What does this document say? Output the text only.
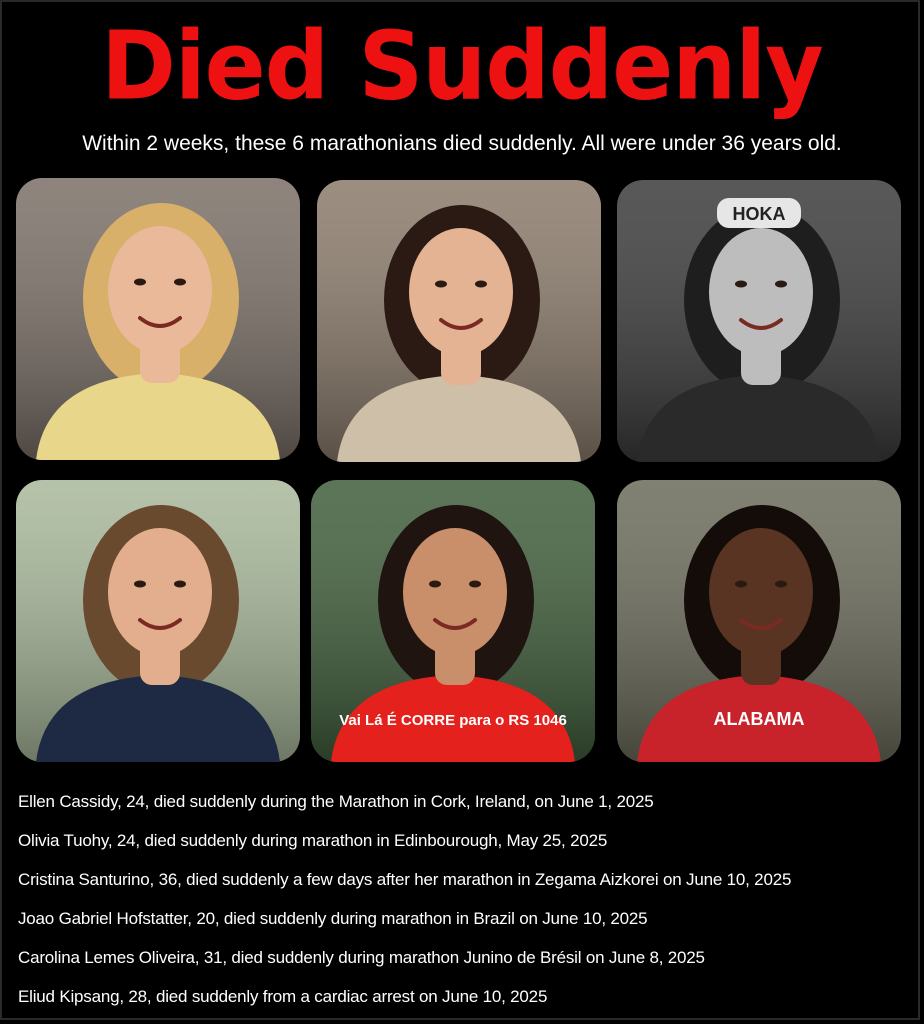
Died Suddenly
Within 2 weeks, these 6 marathonians died suddenly. All were under 36 years old.
HOKA
Vai Lá É CORRE para o RS 1046	ALABAMA
Ellen Cassidy, 24, died suddenly during the Marathon in Cork, Ireland, on June 1, 2025
Olivia Tuohy, 24, died suddenly during marathon in Edinbourough, May 25, 2025
Cristina Santurino, 36, died suddenly a few days after her marathon in Zegama Aizkorei on June 10, 2025
Joao Gabriel Hofstatter, 20, died suddenly during marathon in Brazil on June 10, 2025
Carolina Lemes Oliveira, 31, died suddenly during marathon Junino de Brésil on June 8, 2025
Eliud Kipsang, 28, died suddenly from a cardiac arrest on June 10, 2025
